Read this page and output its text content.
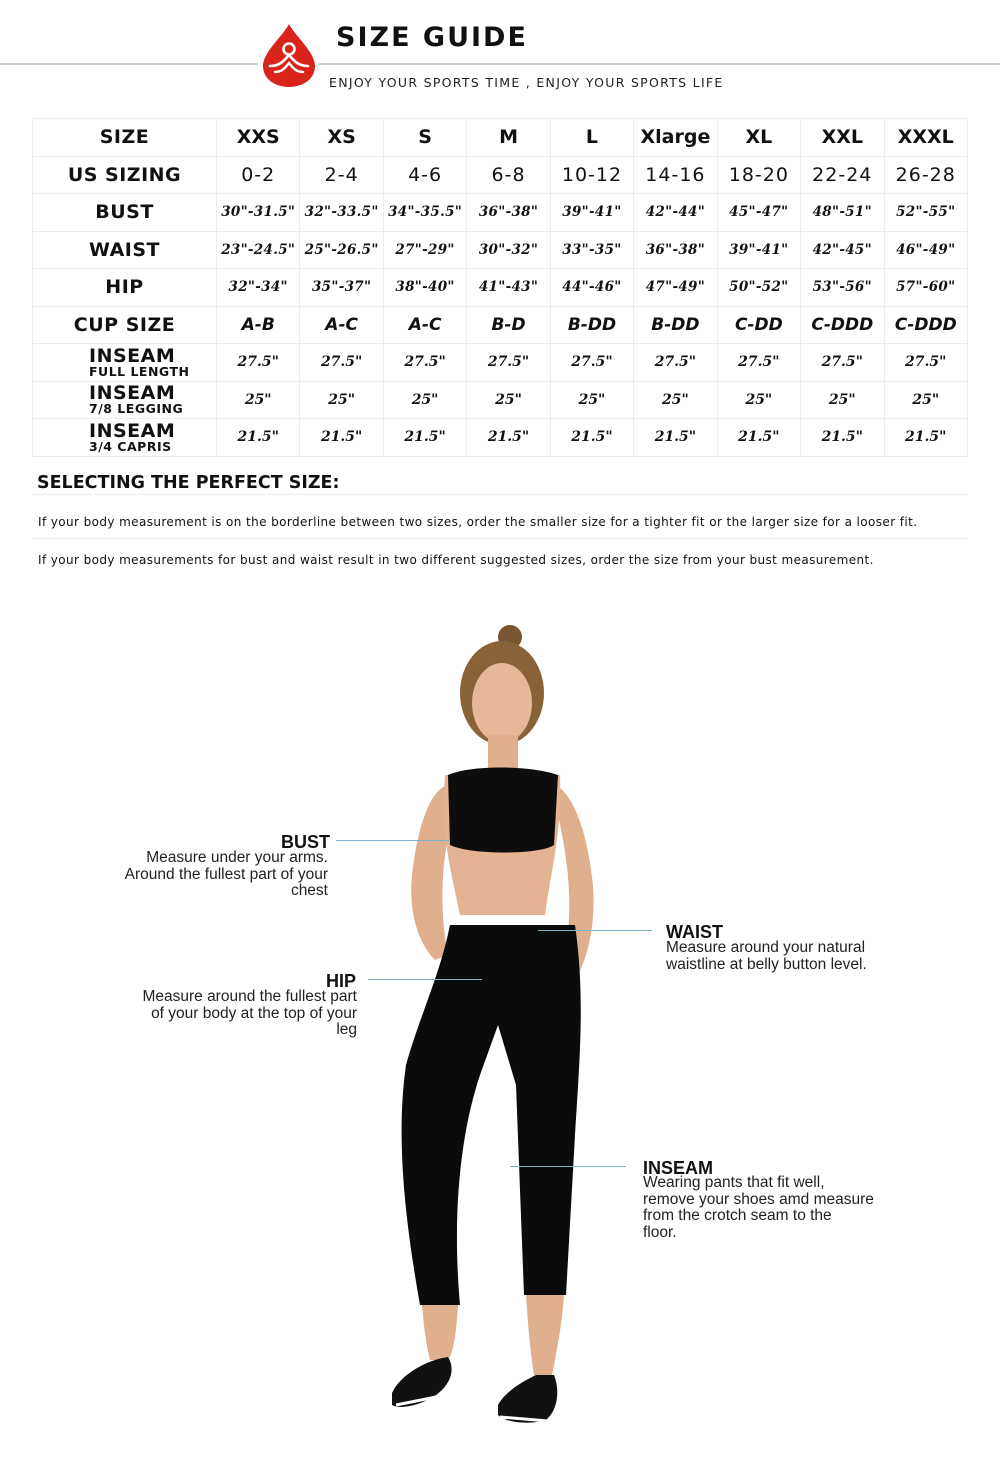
SIZE GUIDE
ENJOY YOUR SPORTS TIME , ENJOY YOUR SPORTS LIFE
SIZE	XXS	XS	S	M	L	Xlarge	XL	XXL	XXXL
US SIZING	0-2	2-4	4-6	6-8	10-12	14-16	18-20	22-24	26-28
BUST	30"-31.5"	32"-33.5"	34"-35.5"	36"-38"	39"-41"	42"-44"	45"-47"	48"-51"	52"-55"
WAIST	23"-24.5"	25"-26.5"	27"-29"	30"-32"	33"-35"	36"-38"	39"-41"	42"-45"	46"-49"
HIP	32"-34"	35"-37"	38"-40"	41"-43"	44"-46"	47"-49"	50"-52"	53"-56"	57"-60"
CUP SIZE	A-B	A-C	A-C	B-D	B-DD	B-DD	C-DD	C-DDD	C-DDD

INSEAM
FULL LENGTH	27.5"	27.5"	27.5"	27.5"	27.5"	27.5"	27.5"	27.5"	27.5"

INSEAM
7/8 LEGGING	25"	25"	25"	25"	25"	25"	25"	25"	25"

INSEAM
3/4 CAPRIS	21.5"	21.5"	21.5"	21.5"	21.5"	21.5"	21.5"	21.5"	21.5"
SELECTING THE PERFECT SIZE:
If your body measurement is on the borderline between two sizes, order the smaller size for a tighter fit or the larger size for a looser fit.
If your body measurements for bust and waist result in two different suggested sizes, order the size from your bust measurement.
BUST
Measure under your arms.
Around the fullest part of your
chest
WAIST
Measure around your natural
waistline at belly button level.
HIP
Measure around the fullest part
of your body at the top of your
leg
INSEAM
Wearing pants that fit well,
remove your shoes amd measure
from the crotch seam to the
floor.
